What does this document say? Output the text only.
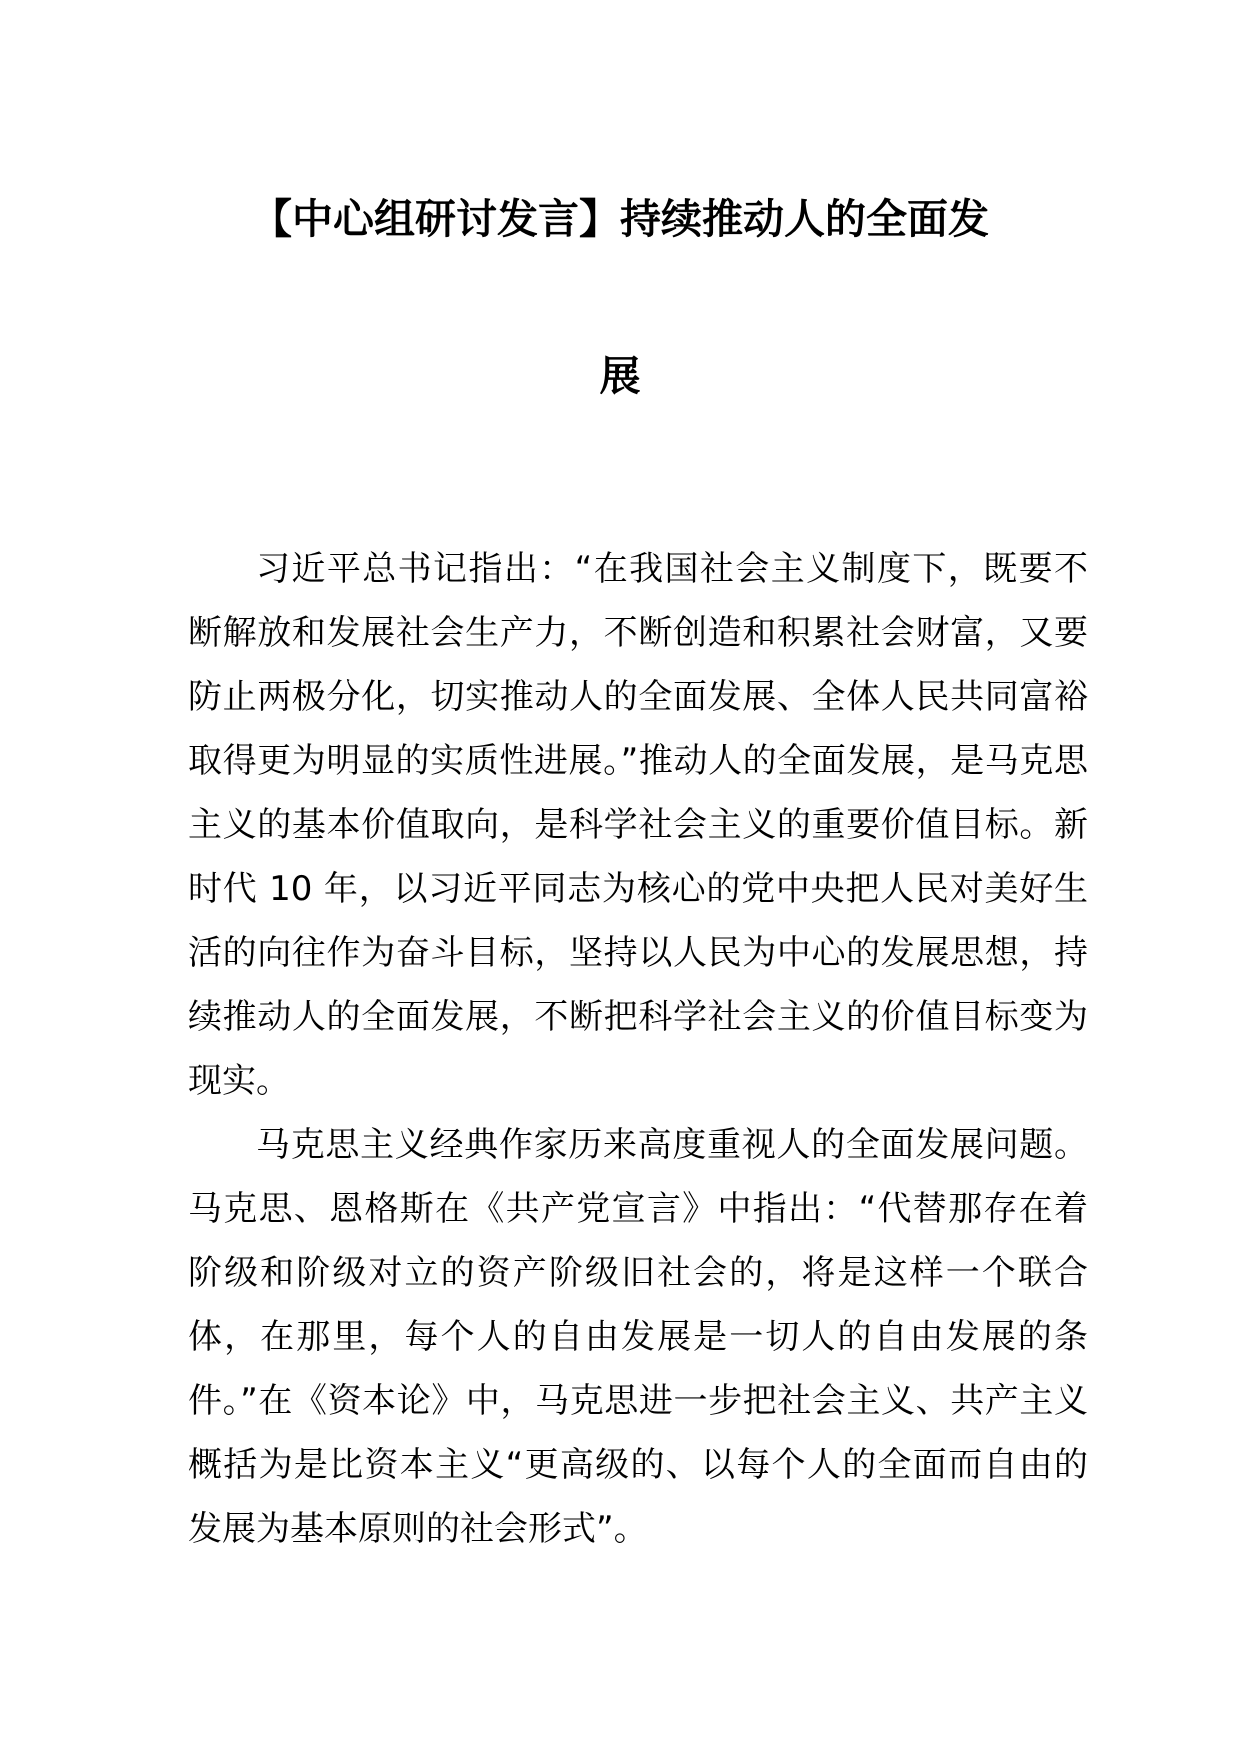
【中心组研讨发言】持续推动人的全面发
展

习近平总书记指出：“在我国社会主义制度下，既要不断解放和发展社会生产力，不断创造和积累社会财富，又要防止两极分化，切实推动人的全面发展、全体人民共同富裕取得更为明显的实质性进展。”推动人的全面发展，是马克思主义的基本价值取向，是科学社会主义的重要价值目标。新时代 10 年，以习近平同志为核心的党中央把人民对美好生活的向往作为奋斗目标，坚持以人民为中心的发展思想，持续推动人的全面发展，不断把科学社会主义的价值目标变为现实。

马克思主义经典作家历来高度重视人的全面发展问题。马克思、恩格斯在《共产党宣言》中指出：“代替那存在着阶级和阶级对立的资产阶级旧社会的，将是这样一个联合体，在那里，每个人的自由发展是一切人的自由发展的条件。”在《资本论》中，马克思进一步把社会主义、共产主义概括为是比资本主义“更高级的、以每个人的全面而自由的发展为基本原则的社会形式”。
